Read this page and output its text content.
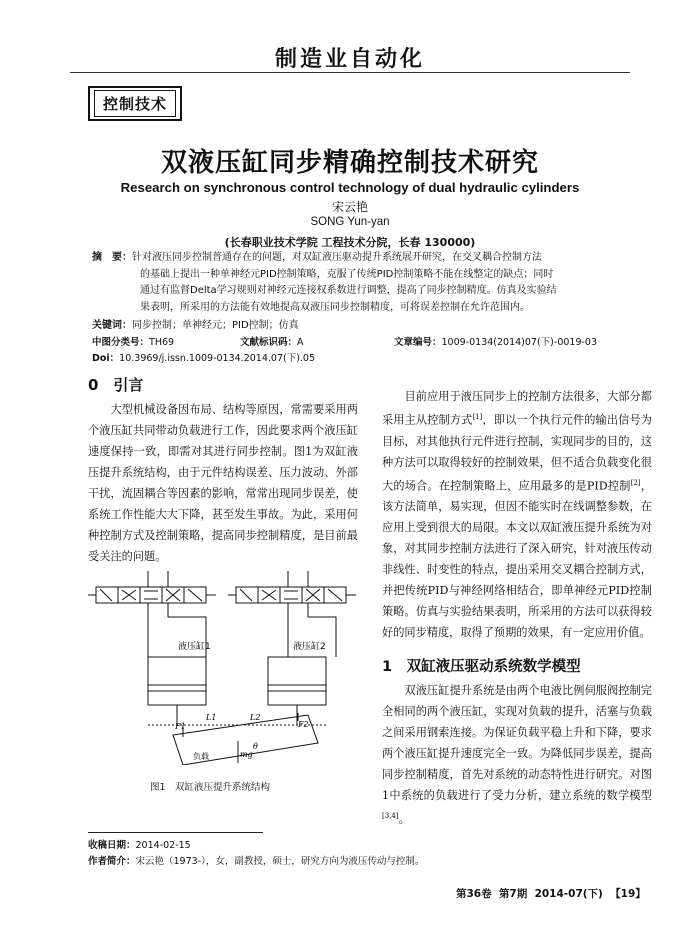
制造业自动化
控制技术
双液压缸同步精确控制技术研究
Research on synchronous control technology of dual hydraulic cylinders
宋云艳
SONG Yun-yan
(长春职业技术学院 工程技术分院，长春 130000)
摘　要：针对液压同步控制普通存在的问题，对双缸液压驱动提升系统展开研究，在交叉耦合控制方法
的基础上提出一种单神经元PID控制策略，克服了传统PID控制策略不能在线整定的缺点；同时
通过有监督Delta学习规则对神经元连接权系数进行调整，提高了同步控制精度。仿真及实验结
果表明，所采用的方法能有效地提高双液压同步控制精度，可将误差控制在允许范围内。
关键词：同步控制；单神经元；PID控制；仿真
中图分类号：TH69	文献标识码：A	文章编号：1009-0134(2014)07(下)-0019-03
Doi：10.3969/j.issn.1009-0134.2014.07(下).05
0　引言
大型机械设备因布局、结构等原因，常需要采用两个液压缸共同带动负载进行工作，因此要求两个液压缸速度保持一致，即需对其进行同步控制。图1为双缸液压提升系统结构，由于元件结构误差、压力波动、外部干扰，流固耦合等因素的影响，常常出现同步误差，使系统工作性能大大下降，甚至发生事故。为此，采用何种控制方式及控制策略，提高同步控制精度，是目前最受关注的问题。
目前应用于液压同步上的控制方法很多，大部分都采用主从控制方式[1]，即以一个执行元件的输出信号为目标，对其他执行元件进行控制，实现同步的目的，这种方法可以取得较好的控制效果，但不适合负载变化很大的场合。在控制策略上，应用最多的是PID控制[2]，该方法简单，易实现，但因不能实时在线调整参数，在应用上受到很大的局限。本文以双缸液压提升系统为对象，对其同步控制方法进行了深入研究，针对液压传动非线性、时变性的特点，提出采用交叉耦合控制方式，并把传统PID与神经网络相结合，即单神经元PID控制策略。仿真与实验结果表明，所采用的方法可以获得较好的同步精度，取得了预期的效果，有一定应用价值。
1　双缸液压驱动系统数学模型
双液压缸提升系统是由两个电液比例伺服阀控制完全相同的两个液压缸，实现对负载的提升，活塞与负载之间采用钢索连接。为保证负载平稳上升和下降，要求两个液压缸提升速度完全一致。为降低同步误差，提高同步控制精度，首先对系统的动态特性进行研究。对图1中系统的负载进行了受力分析，建立系统的数学模型[3,4]。
液压缸1	液压缸2
F1	F2
L1	L2
θ
mg
负载
图1　双缸液压提升系统结构
收稿日期：2014-02-15
作者简介：宋云艳（1973-），女，副教授，硕士，研究方向为液压传动与控制。
第36卷 第7期 2014-07(下) 【19】
